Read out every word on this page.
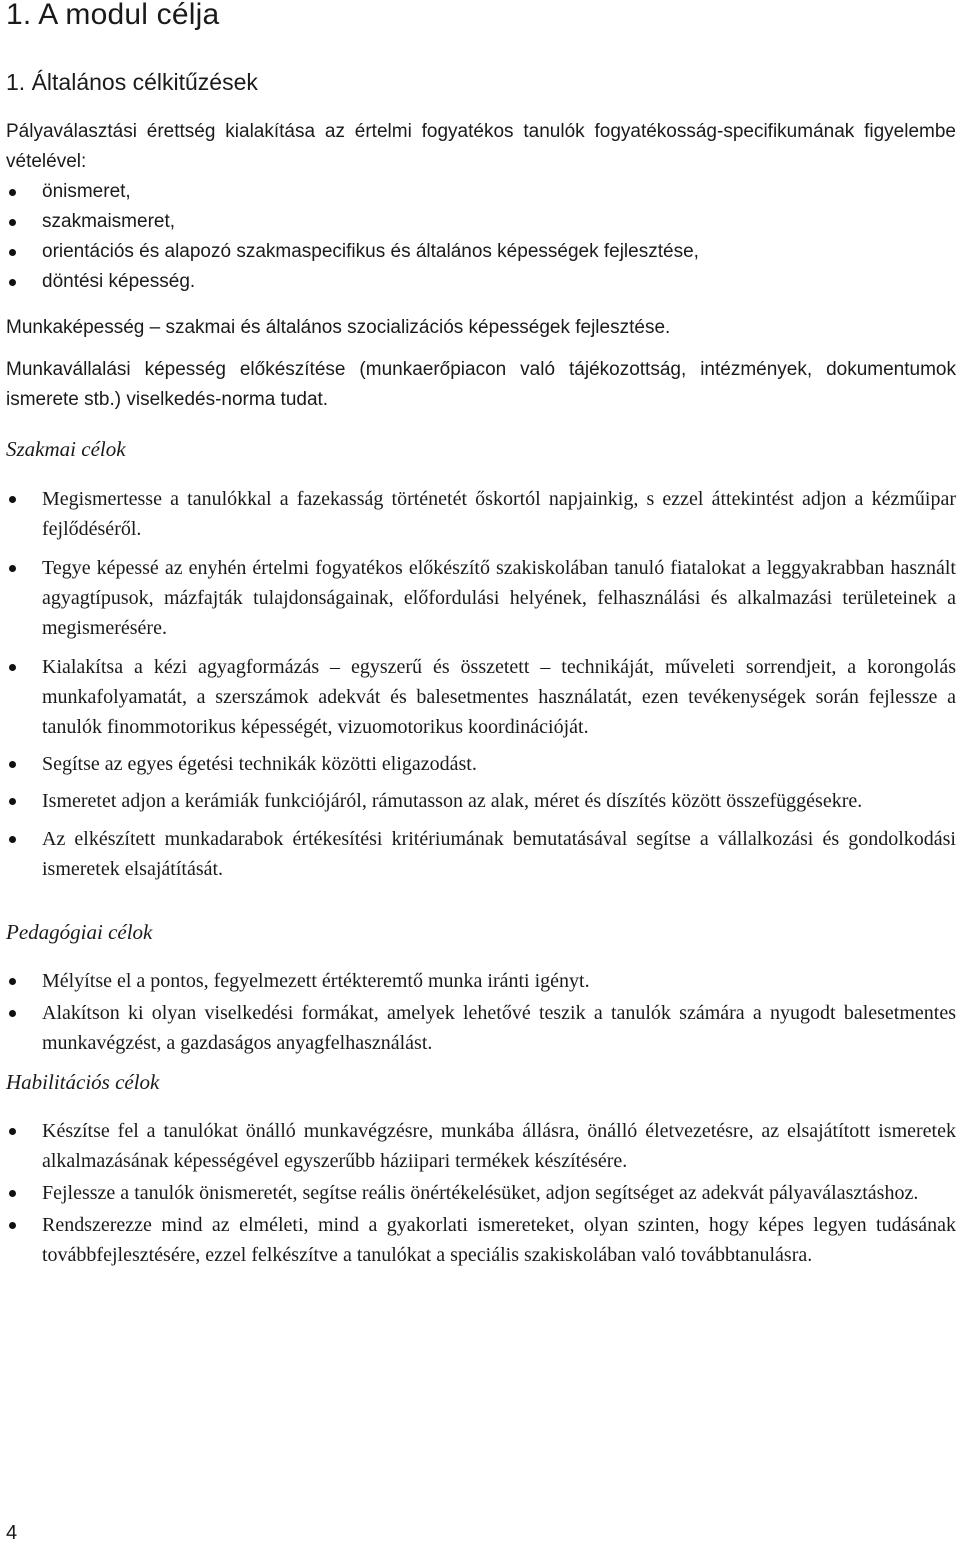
1. A modul célja
1. Általános célkitűzések
Pályaválasztási érettség kialakítása az értelmi fogyatékos tanulók fogyatékosság-specifikumának figyelembe vételével:
önismeret,
szakmaismeret,
orientációs és alapozó szakmaspecifikus és általános képességek fejlesztése,
döntési képesség.
Munkaképesség – szakmai és általános szocializációs képességek fejlesztése.
Munkavállalási képesség előkészítése (munkaerőpiacon való tájékozottság, intézmények, dokumentumok ismerete stb.) viselkedés-norma tudat.
Szakmai célok
Megismertesse a tanulókkal a fazekasság történetét őskortól napjainkig, s ezzel áttekintést adjon a kézműipar fejlődéséről.
Tegye képessé az enyhén értelmi fogyatékos előkészítő szakiskolában tanuló fiatalokat a leggyakrabban használt agyagtípusok, mázfajták tulajdonságainak, előfordulási helyének, felhasználási és alkalmazási területeinek a megismerésére.
Kialakítsa a kézi agyagformázás – egyszerű és összetett – technikáját, műveleti sorrendjeit, a korongolás munkafolyamatát, a szerszámok adekvát és balesetmentes használatát, ezen tevékenységek során fejlessze a tanulók finommotorikus képességét, vizuomotorikus koordinációját.
Segítse az egyes égetési technikák közötti eligazodást.
Ismeretet adjon a kerámiák funkciójáról, rámutasson az alak, méret és díszítés között összefüggésekre.
Az elkészített munkadarabok értékesítési kritériumának bemutatásával segítse a vállalkozási és gondolkodási ismeretek elsajátítását.
Pedagógiai célok
Mélyítse el a pontos, fegyelmezett értékteremtő munka iránti igényt.
Alakítson ki olyan viselkedési formákat, amelyek lehetővé teszik a tanulók számára a nyugodt balesetmentes munkavégzést, a gazdaságos anyagfelhasználást.
Habilitációs célok
Készítse fel a tanulókat önálló munkavégzésre, munkába állásra, önálló életvezetésre, az elsajátított ismeretek alkalmazásának képességével egyszerűbb háziipari termékek készítésére.
Fejlessze a tanulók önismeretét, segítse reális önértékelésüket, adjon segítséget az adekvát pályaválasztáshoz.
Rendszerezze mind az elméleti, mind a gyakorlati ismereteket, olyan szinten, hogy képes legyen tudásának továbbfejlesztésére, ezzel felkészítve a tanulókat a speciális szakiskolában való továbbtanulásra.
4
